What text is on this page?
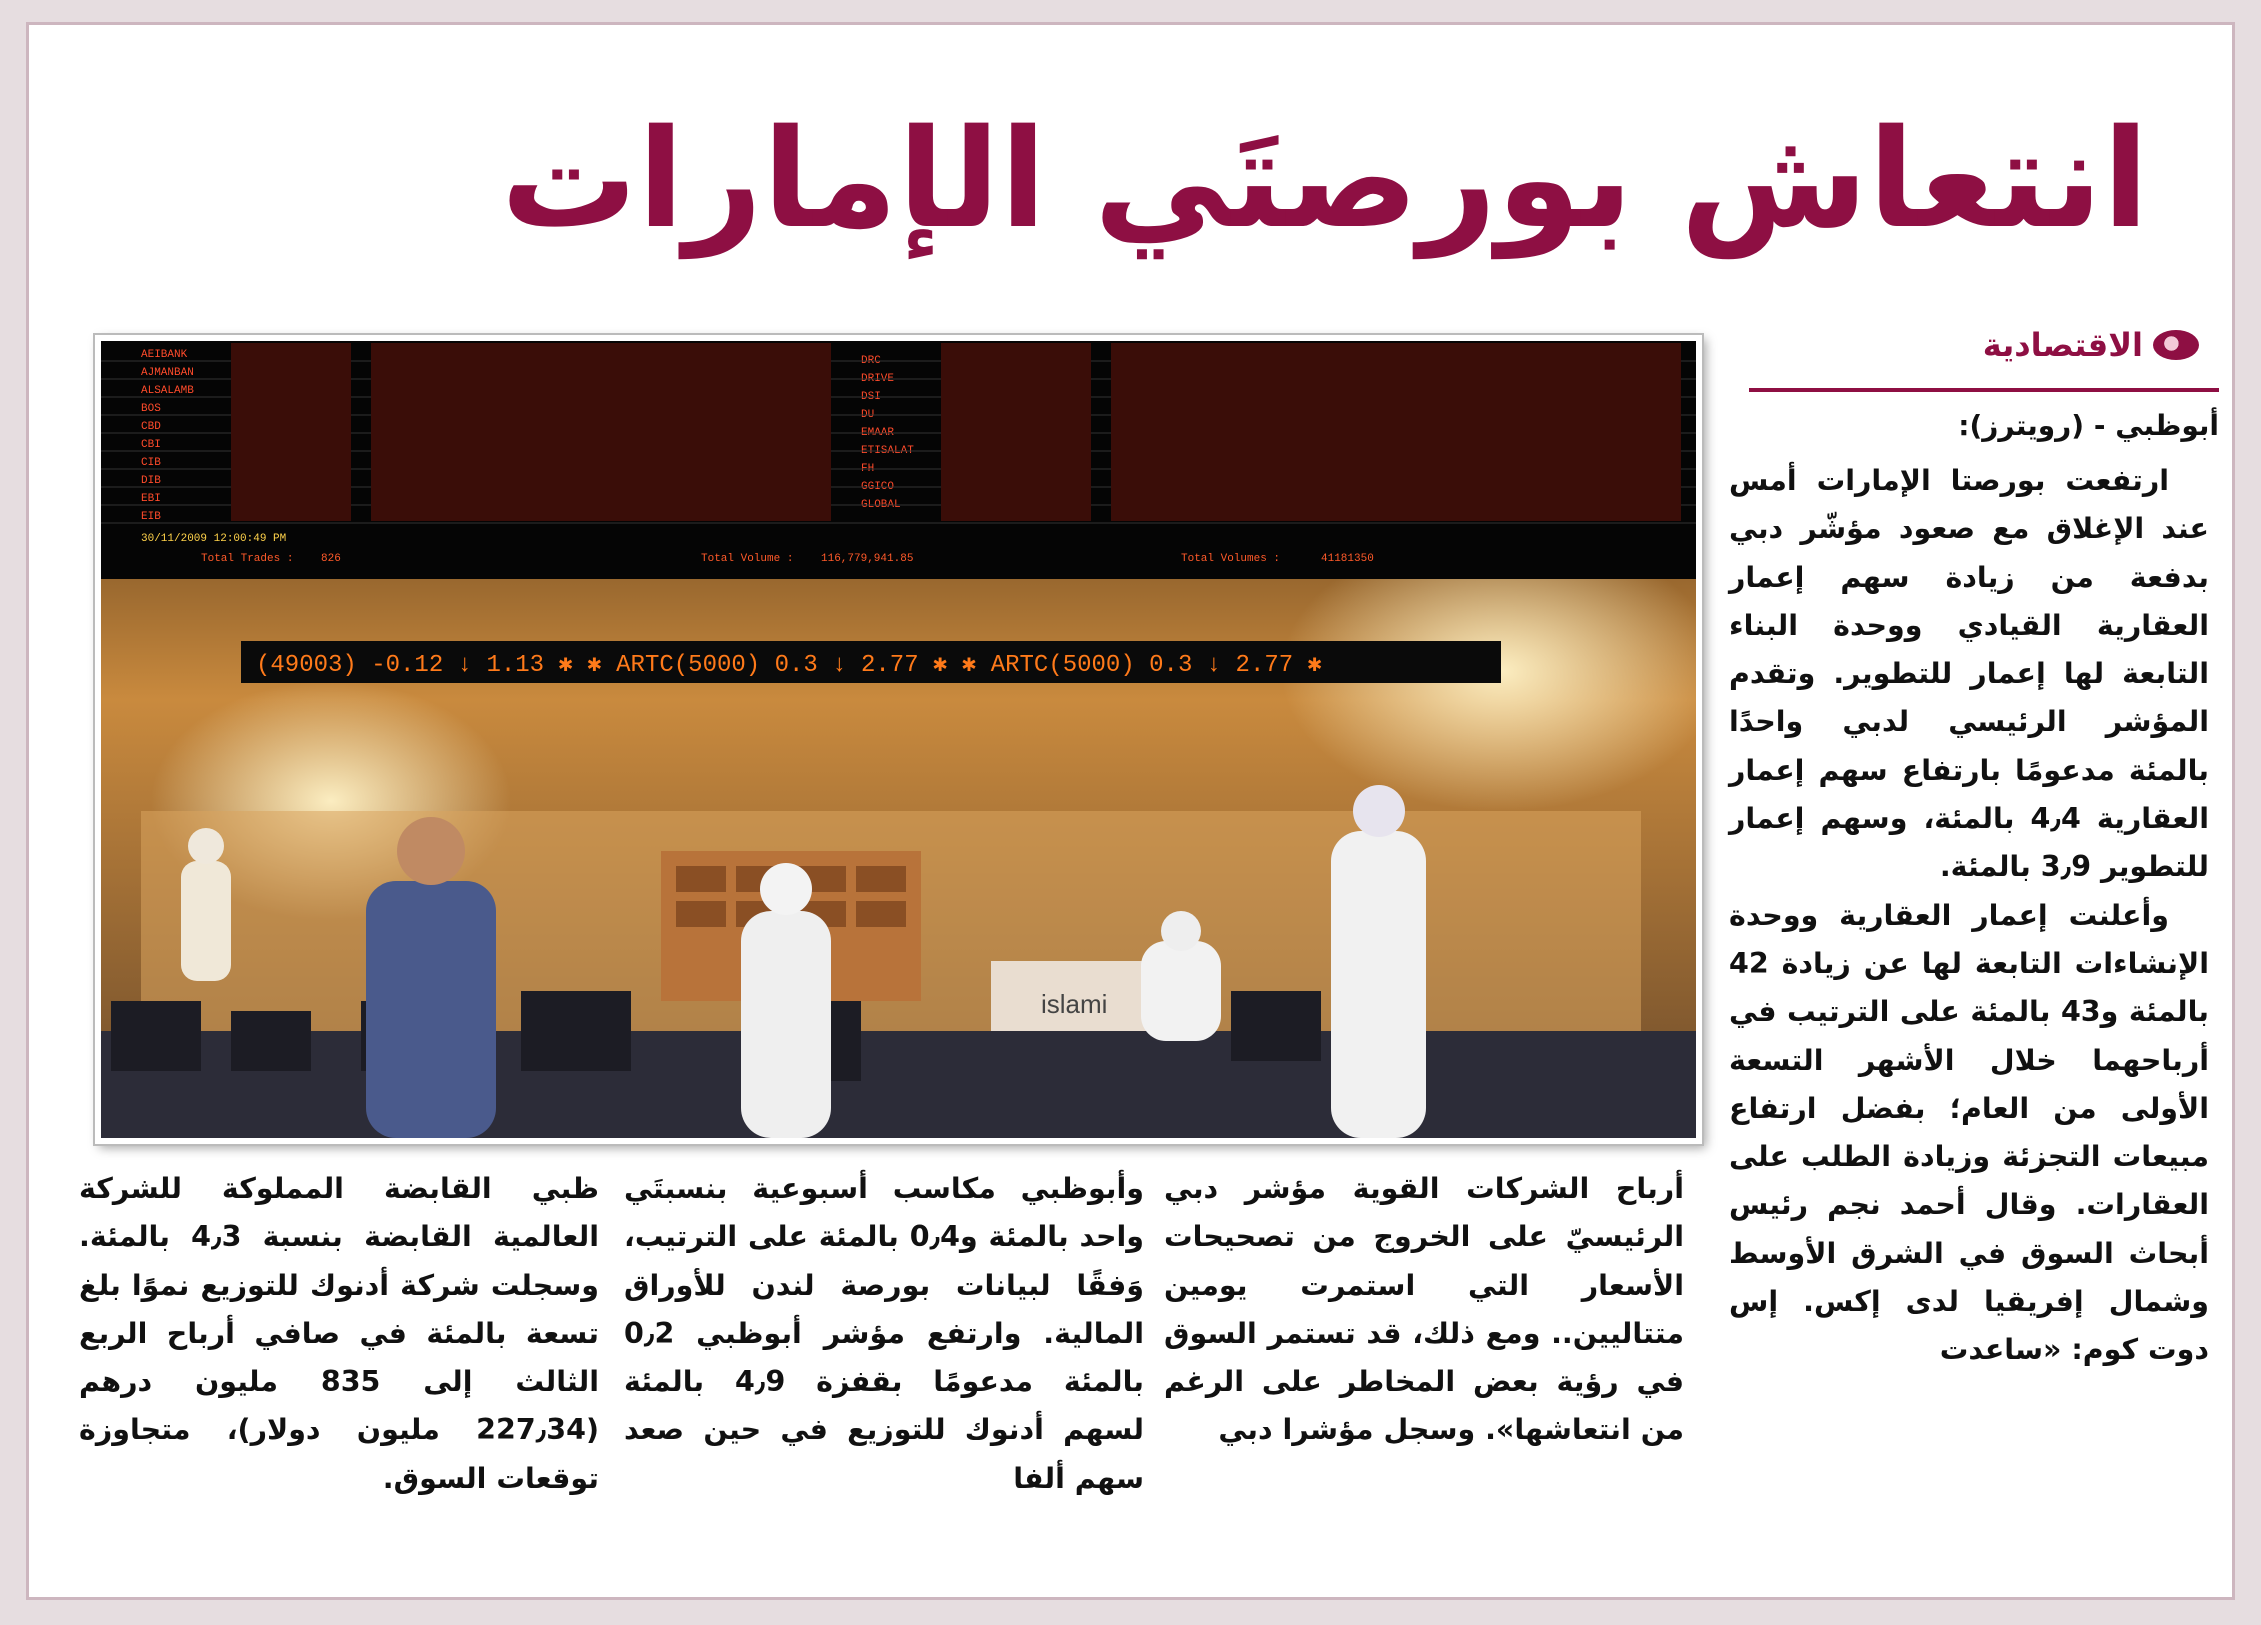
انتعاش بورصتَي الإمارات
الاقتصادية
أبوظبي - (رويترز):

ارتفعت بورصتا الإمارات أمس عند الإغلاق مع صعود مؤشّر دبي بدفعة من زيادة سهم إعمار العقارية القيادي ووحدة البناء التابعة لها إعمار للتطوير. وتقدم المؤشر الرئيسي لدبي واحدًا بالمئة مدعومًا بارتفاع سهم إعمار العقارية 4٫4 بالمئة، وسهم إعمار للتطوير 3٫9 بالمئة.

وأعلنت إعمار العقارية ووحدة الإنشاءات التابعة لها عن زيادة 42 بالمئة و43 بالمئة على الترتيب في أرباحهما خلال الأشهر التسعة الأولى من العام؛ بفضل ارتفاع مبيعات التجزئة وزيادة الطلب على العقارات. وقال أحمد نجم رئيس أبحاث السوق في الشرق الأوسط وشمال إفريقيا لدى إكس. إس دوت كوم: «ساعدت

أرباح الشركات القوية مؤشر دبي الرئيسيّ على الخروج من تصحيحات الأسعار التي استمرت يومين متتاليين.. ومع ذلك، قد تستمر السوق في رؤية بعض المخاطر على الرغم من انتعاشها». وسجل مؤشرا دبي

وأبوظبي مكاسب أسبوعية بنسبتَي واحد بالمئة و0٫4 بالمئة على الترتيب، وَفقًا لبيانات بورصة لندن للأوراق المالية. وارتفع مؤشر أبوظبي 0٫2 بالمئة مدعومًا بقفزة 4٫9 بالمئة لسهم أدنوك للتوزيع في حين صعد سهم ألفا

ظبي القابضة المملوكة للشركة العالمية القابضة بنسبة 4٫3 بالمئة. وسجلت شركة أدنوك للتوزيع نموًا بلغ تسعة بالمئة في صافي أرباح الربع الثالث إلى 835 مليون درهم (227٫34 مليون دولار)، متجاوزة توقعات السوق.

islami
AEIBANK
AJMANBAN
ALSALAMB
BOS
CBD
CBI
CIB
DIB
EBI
EIB
DRC
DRIVE
DSI
DU
EMAAR
ETISALAT
FH
GGICO
GLOBAL
30/11/2009 12:00:49 PM
Total Trades :	826	Total Volume :	116,779,941.85	Total Volumes :	41181350
(49003) -0.12 ↓ 1.13 ✱ ✱ ARTC(5000) 0.3 ↓ 2.77 ✱ ✱ ARTC(5000) 0.3 ↓ 2.77 ✱
